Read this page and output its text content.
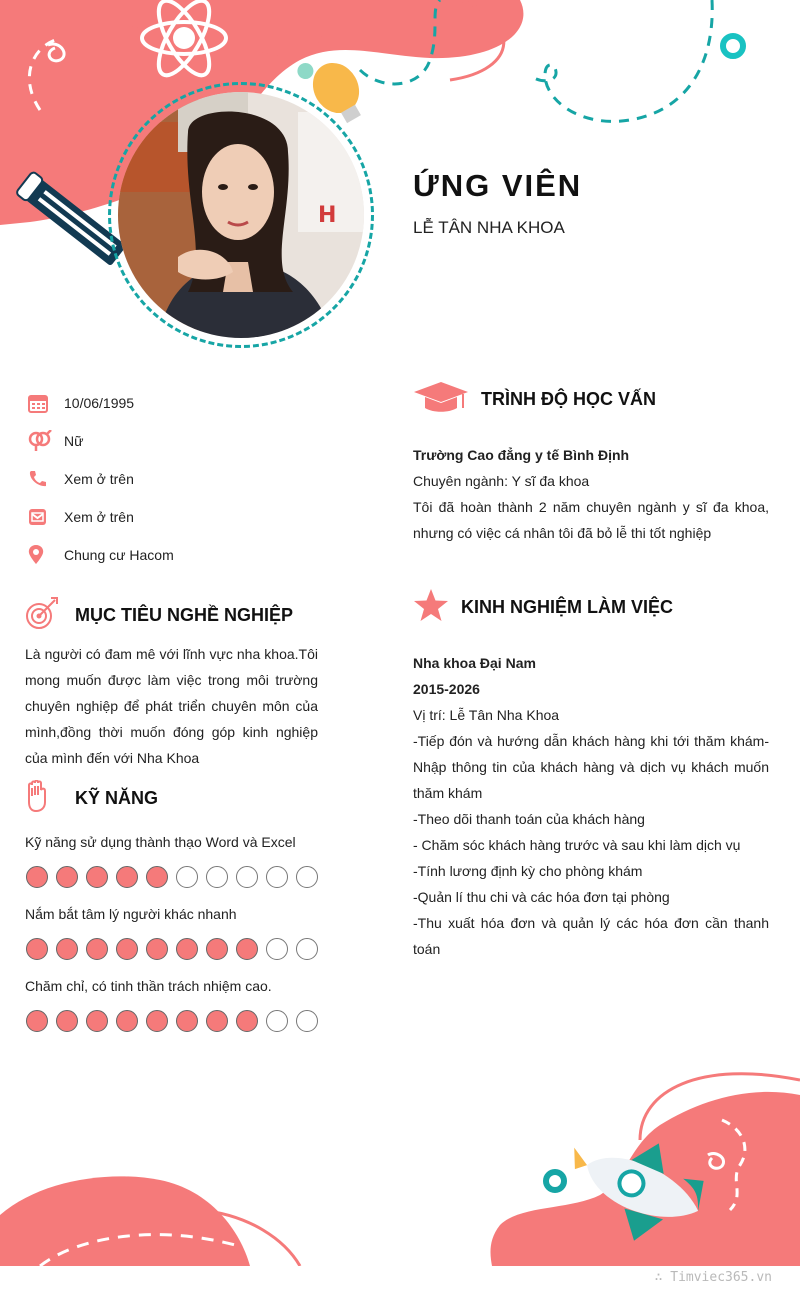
H
ỨNG VIÊN
LỄ TÂN NHA KHOA
10/06/1995
Nữ
Xem ở trên
Xem ở trên
Chung cư Hacom
MỤC TIÊU NGHỀ NGHIỆP
Là người có đam mê với lĩnh vực nha khoa.Tôi mong muốn được làm việc trong môi trường chuyên nghiệp để phát triển chuyên môn của mình,đồng thời muốn đóng góp kinh nghiệp của mình đến với Nha Khoa
KỸ NĂNG
Kỹ năng sử dụng thành thạo Word và Excel
Nắm bắt tâm lý người khác nhanh
Chăm chỉ, có tinh thần trách nhiệm cao.
TRÌNH ĐỘ HỌC VẤN
Trường Cao đẳng y tế Bình Định
Chuyên ngành: Y sĩ đa khoa
Tôi đã hoàn thành 2 năm chuyên ngành y sĩ đa khoa, nhưng có việc cá nhân tôi đã bỏ lễ thi tốt nghiệp
KINH NGHIỆM LÀM VIỆC
Nha khoa Đại Nam
2015-2026
Vị trí: Lễ Tân Nha Khoa
-Tiếp đón và hướng dẫn khách hàng khi tới thăm khám-Nhập thông tin của khách hàng và dịch vụ khách muốn thăm khám
-Theo dõi thanh toán của khách hàng
- Chăm sóc khách hàng trước và sau khi làm dịch vụ
-Tính lương định kỳ cho phòng khám
-Quản lí thu chi và các hóa đơn tại phòng
-Thu xuất hóa đơn và quản lý các hóa đơn cần thanh toán
∴ Timviec365.vn
